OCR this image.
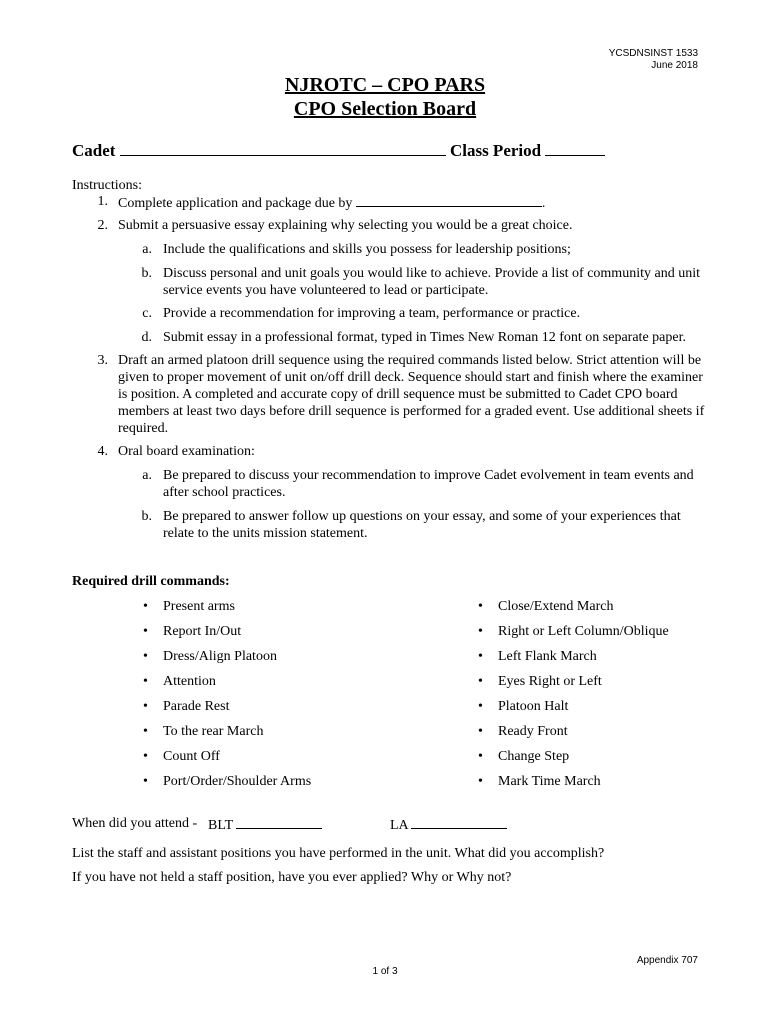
YCSDNSINST 1533
June 2018
NJROTC – CPO PARS
CPO Selection Board
Cadet	Class Period
Instructions:
1. Complete application and package due by	.
2. Submit a persuasive essay explaining why selecting you would be a great choice.
a. Include the qualifications and skills you possess for leadership positions;
b. Discuss personal and unit goals you would like to achieve. Provide a list of community and unit
service events you have volunteered to lead or participate.
c. Provide a recommendation for improving a team, performance or practice.
d. Submit essay in a professional format, typed in Times New Roman 12 font on separate paper.
3. Draft an armed platoon drill sequence using the required commands listed below. Strict attention will be
given to proper movement of unit on/off drill deck. Sequence should start and finish where the examiner
is position. A completed and accurate copy of drill sequence must be submitted to Cadet CPO board
members at least two days before drill sequence is performed for a graded event. Use additional sheets if
required.
4. Oral board examination:
a. Be prepared to discuss your recommendation to improve Cadet evolvement in team events and
after school practices.
b. Be prepared to answer follow up questions on your essay, and some of your experiences that
relate to the units mission statement.
Required drill commands:
• Present arms
• Report In/Out
• Dress/Align Platoon
• Attention
• Parade Rest
• To the rear March
• Count Off
• Port/Order/Shoulder Arms
• Close/Extend March
• Right or Left Column/Oblique
• Left Flank March
• Eyes Right or Left
• Platoon Halt
• Ready Front
• Change Step
• Mark Time March
When did you attend - BLT	LA
List the staff and assistant positions you have performed in the unit. What did you accomplish?
If you have not held a staff position, have you ever applied? Why or Why not?
Appendix 707
1 of 3
